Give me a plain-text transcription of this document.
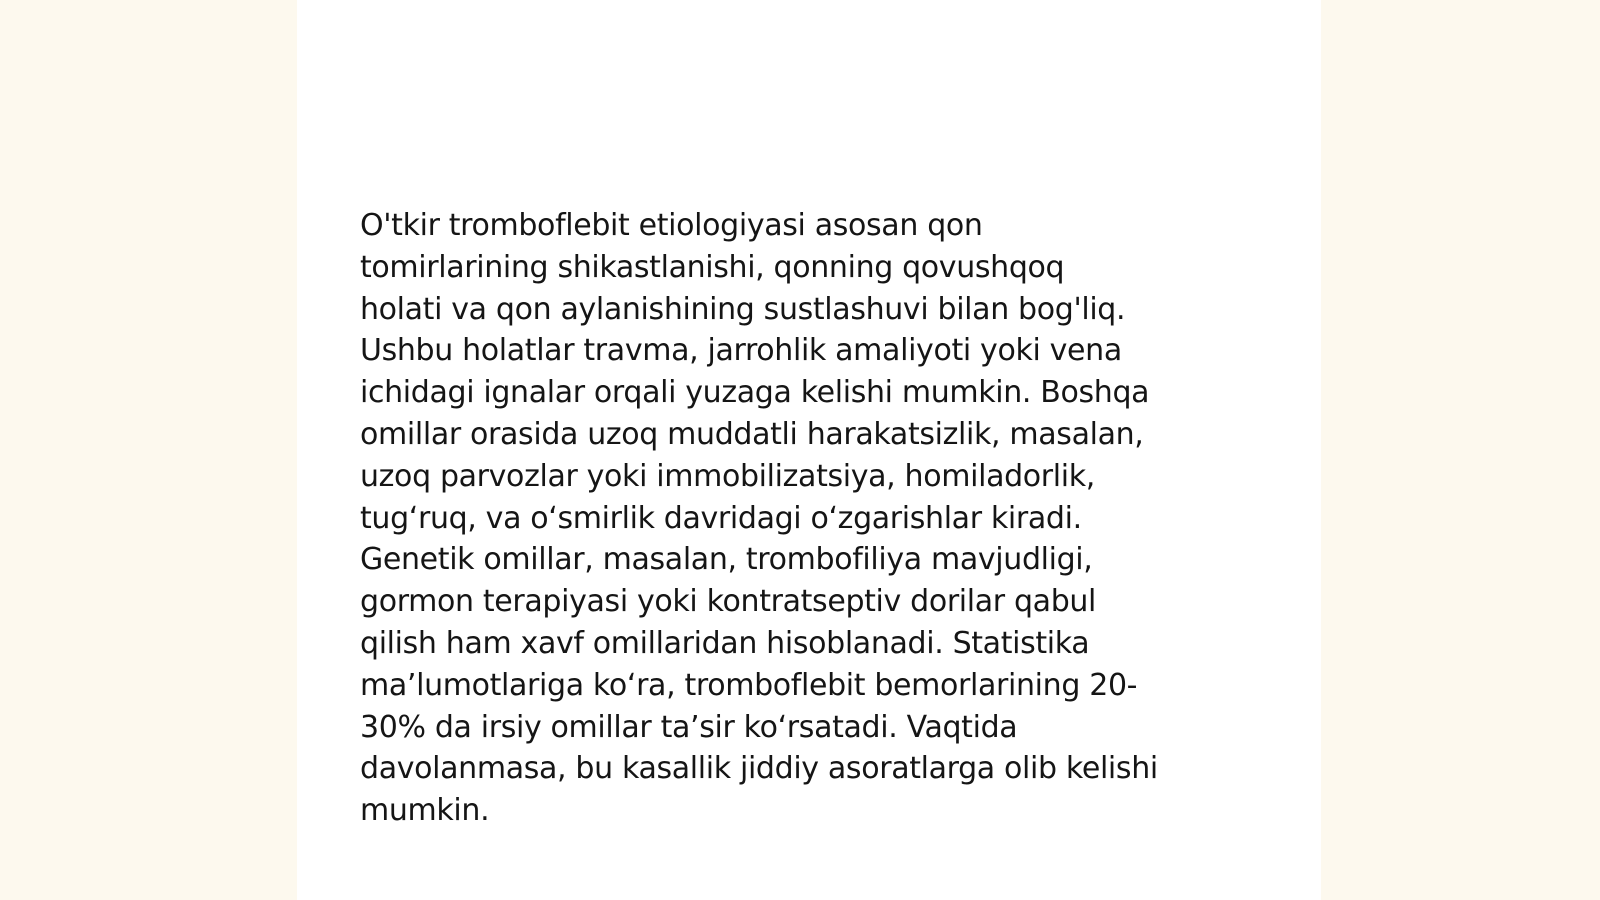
O'tkir tromboflebit etiologiyasi asosan qon
tomirlarining shikastlanishi, qonning qovushqoq
holati va qon aylanishining sustlashuvi bilan bog'liq.
Ushbu holatlar travma, jarrohlik amaliyoti yoki vena
ichidagi ignalar orqali yuzaga kelishi mumkin. Boshqa
omillar orasida uzoq muddatli harakatsizlik, masalan,
uzoq parvozlar yoki immobilizatsiya, homiladorlik,
tug‘ruq, va o‘smirlik davridagi o‘zgarishlar kiradi.
Genetik omillar, masalan, trombofiliya mavjudligi,
gormon terapiyasi yoki kontratseptiv dorilar qabul
qilish ham xavf omillaridan hisoblanadi. Statistika
ma’lumotlariga ko‘ra, tromboflebit bemorlarining 20-
30% da irsiy omillar ta’sir ko‘rsatadi. Vaqtida
davolanmasa, bu kasallik jiddiy asoratlarga olib kelishi
mumkin.
